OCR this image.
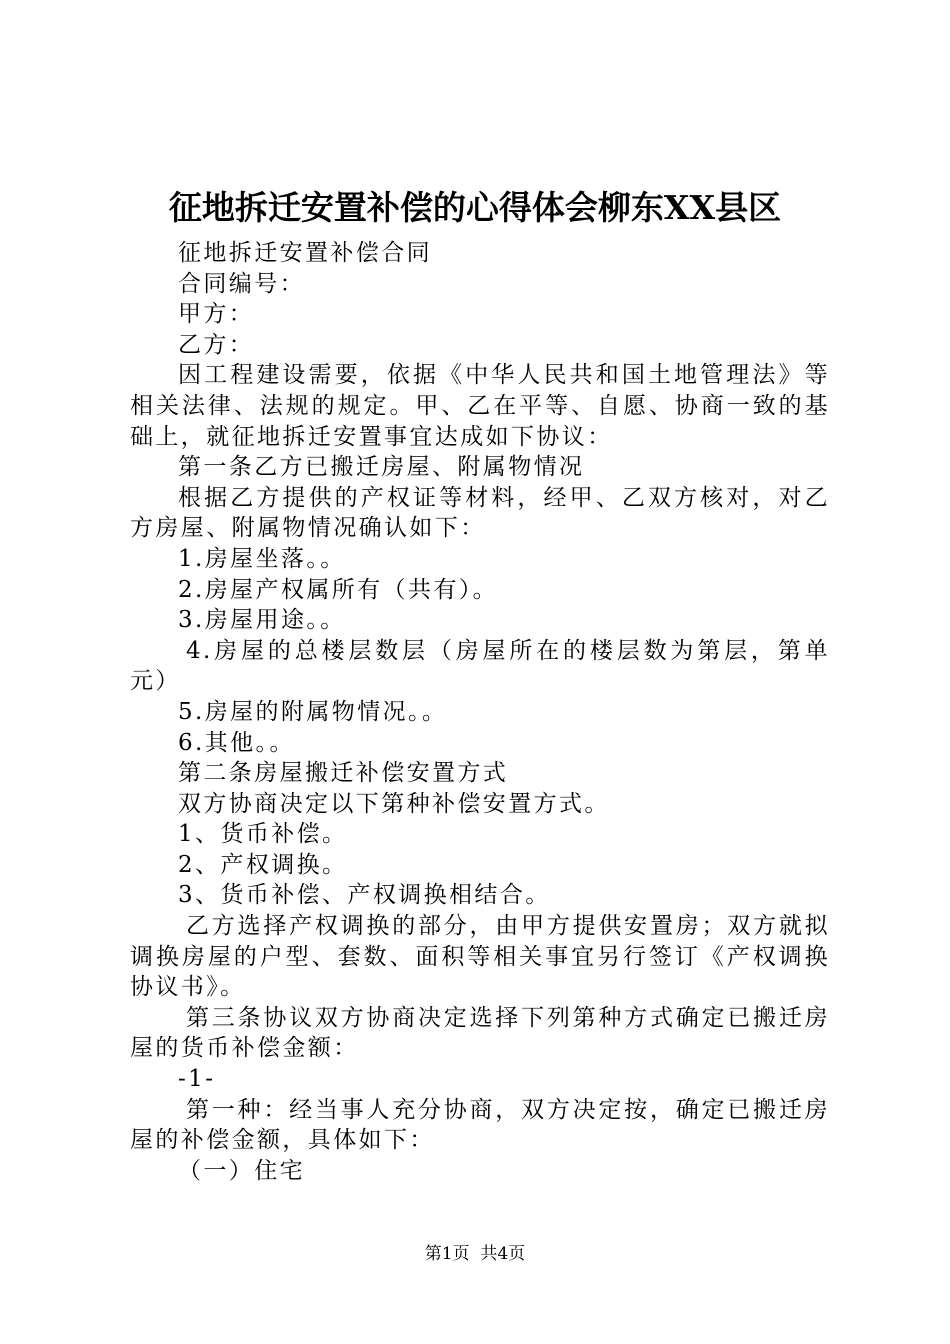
征地拆迁安置补偿的心得体会柳东XX县区

征地拆迁安置补偿合同

合同编号：

甲方：

乙方：

因工程建设需要，依据《中华人民共和国土地管理法》等相关法律、法规的规定。甲、乙在平等、自愿、协商一致的基础上，就征地拆迁安置事宜达成如下协议：

第一条乙方已搬迁房屋、附属物情况

根据乙方提供的产权证等材料，经甲、乙双方核对，对乙方房屋、附属物情况确认如下：

1.房屋坐落。。

2.房屋产权属所有（共有）。

3.房屋用途。。

4.房屋的总楼层数层（房屋所在的楼层数为第层，第单元）

5.房屋的附属物情况。。

6.其他。。

第二条房屋搬迁补偿安置方式

双方协商决定以下第种补偿安置方式。

1、货币补偿。

2、产权调换。

3、货币补偿、产权调换相结合。

乙方选择产权调换的部分，由甲方提供安置房；双方就拟调换房屋的户型、套数、面积等相关事宜另行签订《产权调换协议书》。

第三条协议双方协商决定选择下列第种方式确定已搬迁房屋的货币补偿金额：

-1-

第一种：经当事人充分协商，双方决定按，确定已搬迁房屋的补偿金额，具体如下：

（一）住宅

第1页  共4页
